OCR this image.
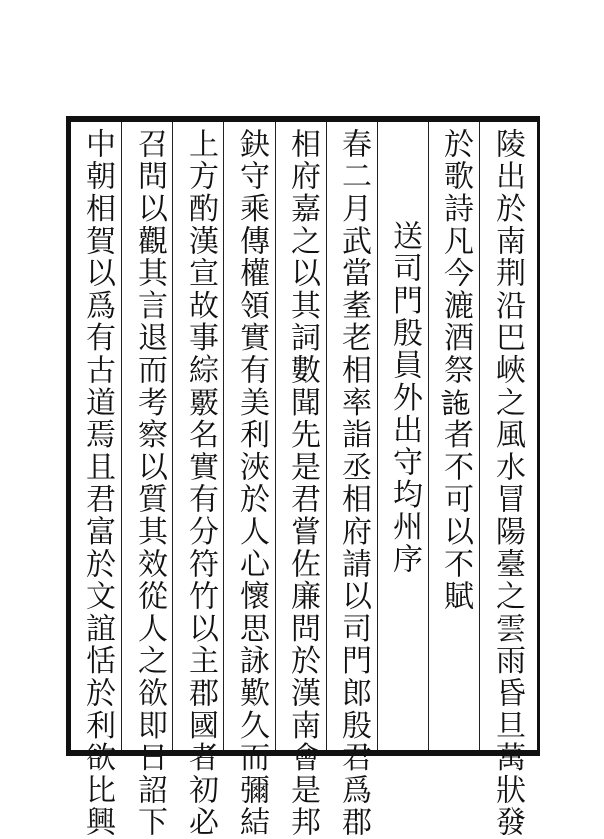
陵出於南荆沿巴峽之風水冒陽臺之雲雨昏旦萬狀發
於歌詩凡今漉酒祭𧦧者不可以不賦
送司門殷員外出守均州序
春二月武當耊老相率詣丞相府請以司門郎殷君爲郡
相府嘉之以其詞數聞先是君嘗佐廉問於漢南會是邦
鈌守乘傳權領實有美利浹於人心懷思詠歎久而彌結
上方酌漢宣故事綜覈名實有分符竹以主郡國者初必
召問以觀其言退而考察以質其效從人之欲即日詔下
中朝相賀以爲有古道焉且君富於文誼恬於利欲比興
